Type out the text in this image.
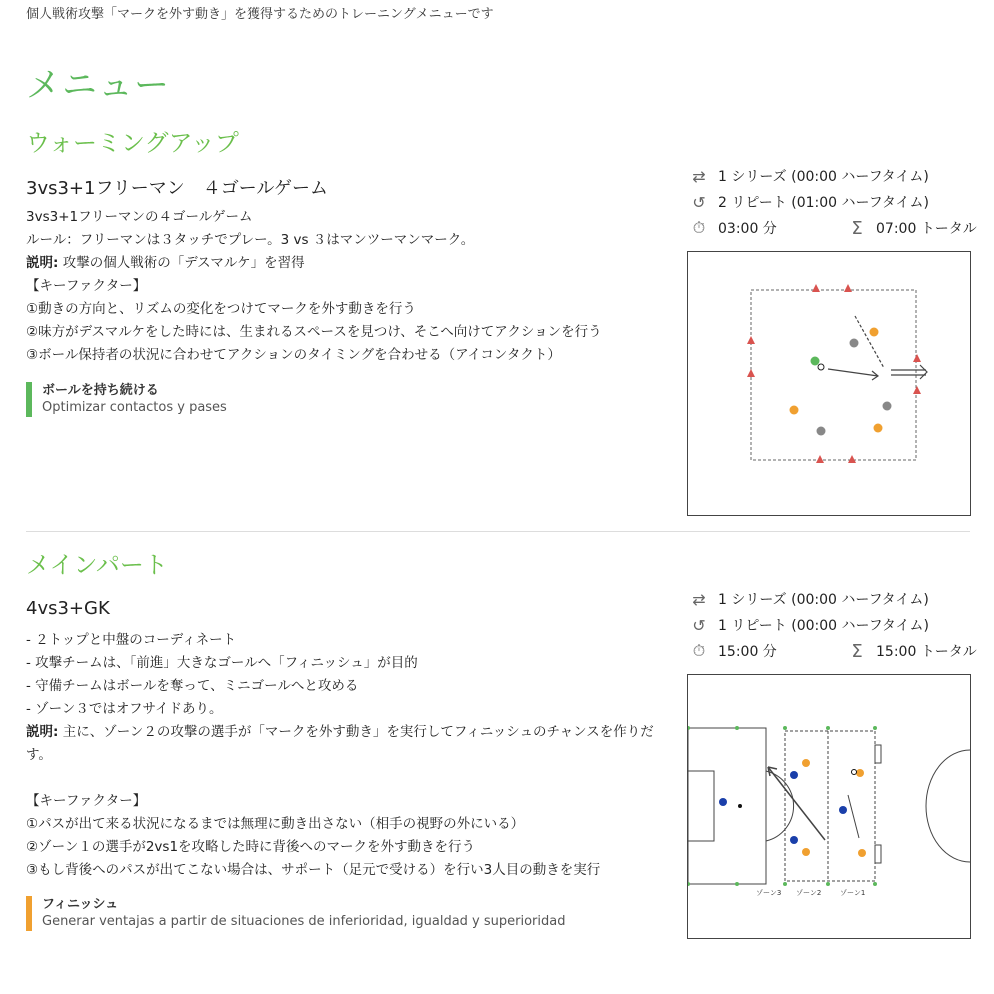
個人戦術攻撃「マークを外す動き」を獲得するためのトレーニングメニューです
メニュー
ウォーミングアップ
3vs3+1フリーマン　４ゴールゲーム
3vs3+1フリーマンの４ゴールゲーム
ルール：フリーマンは３タッチでプレー。3 vs ３はマンツーマンマーク。
説明: 攻撃の個人戦術の「デスマルケ」を習得
【キーファクター】
①動きの方向と、リズムの変化をつけてマークを外す動きを行う
②味方がデスマルケをした時には、生まれるスペースを見つけ、そこへ向けてアクションを行う
③ボール保持者の状況に合わせてアクションのタイミングを合わせる（アイコンタクト）
ボールを持ち続ける
Optimizar contactos y pases
⇄ 1 シリーズ (00:00 ハーフタイム)
↺ 2 リピート (01:00 ハーフタイム)
⏱ 03:00 分	Σ 07:00 トータル
メインパート
4vs3+GK
- ２トップと中盤のコーディネート
- 攻撃チームは、「前進」大きなゴールへ「フィニッシュ」が目的
- 守備チームはボールを奪って、ミニゴールへと攻める
- ゾーン３ではオフサイドあり。
説明: 主に、ゾーン２の攻撃の選手が「マークを外す動き」を実行してフィニッシュのチャンスを作りだ
す。
【キーファクター】
①パスが出て来る状況になるまでは無理に動き出さない（相手の視野の外にいる）
②ゾーン１の選手が2vs1を攻略した時に背後へのマークを外す動きを行う
③もし背後へのパスが出てこない場合は、サポート（足元で受ける）を行い3人目の動きを実行
フィニッシュ
Generar ventajas a partir de situaciones de inferioridad, igualdad y superioridad
⇄ 1 シリーズ (00:00 ハーフタイム)
↺ 1 リピート (00:00 ハーフタイム)
⏱ 15:00 分	Σ 15:00 トータル
ゾーン3 ゾーン2	ゾーン1
